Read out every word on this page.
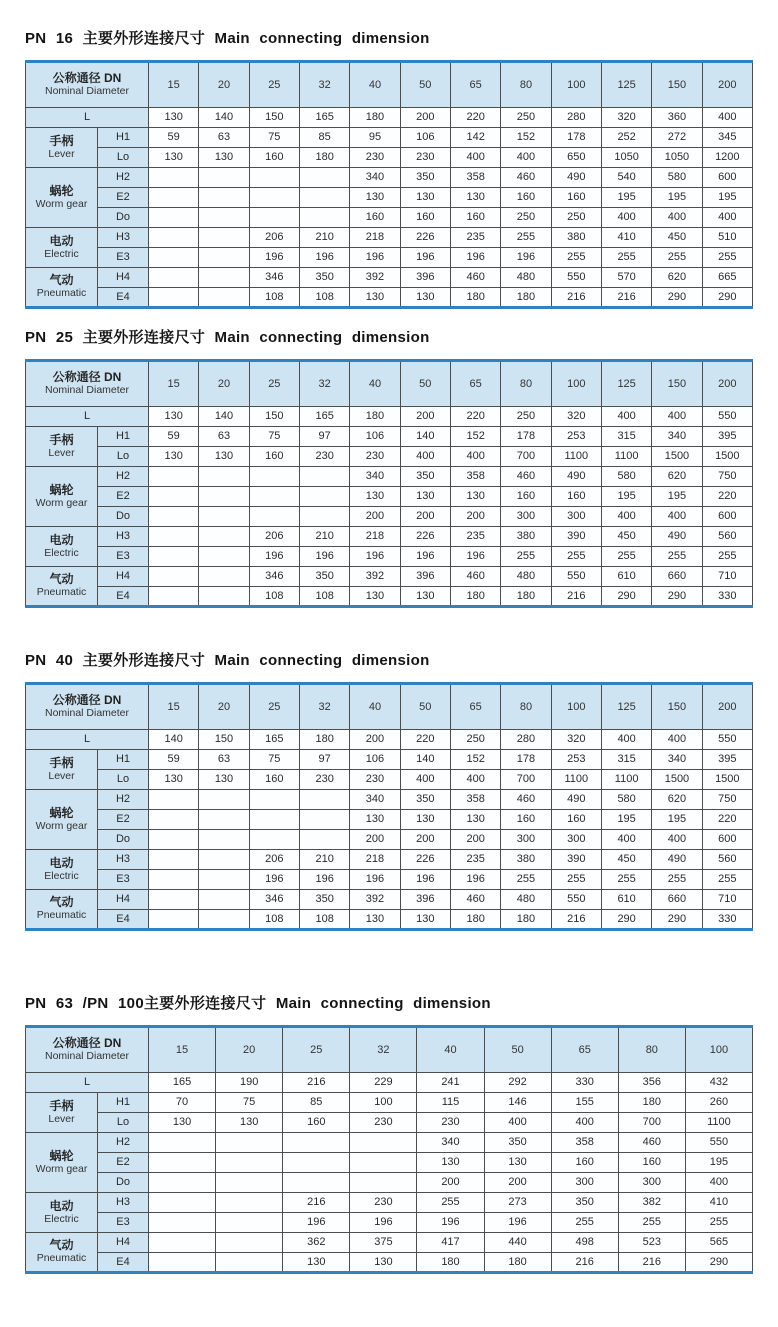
PN 16 主要外形连接尺寸 Main connecting dimension
公称通径 DN
Nominal Diameter		15	20	25	32	40	50	65	80	100	125	150	200
L		130	140	150	165	180	200	220	250	280	320	360	400

手柄
Lever	H1	59	63	75	85	95	106	142	152	178	252	272	345
	Lo	130	130	160	180	230	230	400	400	650	1050	1050	1200

蜗轮
Worm gear	H2					340	350	358	460	490	540	580	600
	E2					130	130	130	160	160	195	195	195
	Do					160	160	160	250	250	400	400	400

电动
Electric	H3			206	210	218	226	235	255	380	410	450	510
	E3			196	196	196	196	196	196	255	255	255	255

气动
Pneumatic	H4			346	350	392	396	460	480	550	570	620	665
	E4			108	108	130	130	180	180	216	216	290	290
PN 25 主要外形连接尺寸 Main connecting dimension
公称通径 DN
Nominal Diameter		15	20	25	32	40	50	65	80	100	125	150	200
L		130	140	150	165	180	200	220	250	320	400	400	550

手柄
Lever	H1	59	63	75	97	106	140	152	178	253	315	340	395
	Lo	130	130	160	230	230	400	400	700	1100	1100	1500	1500

蜗轮
Worm gear	H2					340	350	358	460	490	580	620	750
	E2					130	130	130	160	160	195	195	220
	Do					200	200	200	300	300	400	400	600

电动
Electric	H3			206	210	218	226	235	380	390	450	490	560
	E3			196	196	196	196	196	255	255	255	255	255

气动
Pneumatic	H4			346	350	392	396	460	480	550	610	660	710
	E4			108	108	130	130	180	180	216	290	290	330
PN 40 主要外形连接尺寸 Main connecting dimension
公称通径 DN
Nominal Diameter		15	20	25	32	40	50	65	80	100	125	150	200
L		140	150	165	180	200	220	250	280	320	400	400	550

手柄
Lever	H1	59	63	75	97	106	140	152	178	253	315	340	395
	Lo	130	130	160	230	230	400	400	700	1100	1100	1500	1500

蜗轮
Worm gear	H2					340	350	358	460	490	580	620	750
	E2					130	130	130	160	160	195	195	220
	Do					200	200	200	300	300	400	400	600

电动
Electric	H3			206	210	218	226	235	380	390	450	490	560
	E3			196	196	196	196	196	255	255	255	255	255

气动
Pneumatic	H4			346	350	392	396	460	480	550	610	660	710
	E4			108	108	130	130	180	180	216	290	290	330
PN 63 /PN 100主要外形连接尺寸 Main connecting dimension
公称通径 DN
Nominal Diameter		15	20	25	32	40	50	65	80	100
L		165	190	216	229	241	292	330	356	432

手柄
Lever	H1	70	75	85	100	115	146	155	180	260
	Lo	130	130	160	230	230	400	400	700	1100

蜗轮
Worm gear	H2					340	350	358	460	550
	E2					130	130	160	160	195
	Do					200	200	300	300	400

电动
Electric	H3			216	230	255	273	350	382	410
	E3			196	196	196	196	255	255	255

气动
Pneumatic	H4			362	375	417	440	498	523	565
	E4			130	130	180	180	216	216	290
